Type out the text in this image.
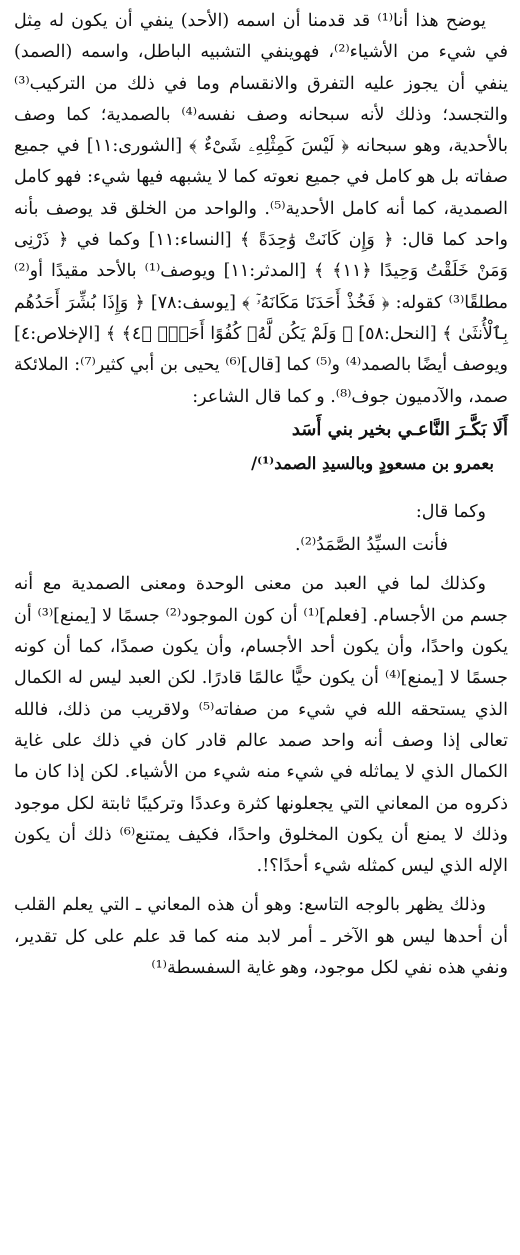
يوضح هذا أنا⁽¹⁾ قد قدمنا أن اسمه (الأحد) ينفي أن يكون له مِثل في شيء من الأشياء⁽²⁾، فهوينفي التشبيه الباطل، واسمه (الصمد) ينفي أن يجوز عليه التفرق والانقسام وما في ذلك من التركيب⁽³⁾ والتجسد؛ وذلك لأنه سبحانه وصف نفسه⁽⁴⁾ بالصمدية؛ كما وصف بالأحدية، وهو سبحانه ﴿ لَيْسَ كَمِثْلِهِۦ شَىْءٌ ﴾ [الشورى:١١] في جميع صفاته بل هو كامل في جميع نعوته كما لا يشبهه فيها شيء: فهو كامل الصمدية، كما أنه كامل الأحدية⁽⁵⁾. والواحد من الخلق قد يوصف بأنه واحد كما قال: ﴿ وَإِن كَانَتْ وَٰحِدَةً ﴾ [النساء:١١] وكما في ﴿ ذَرْنِى وَمَنْ خَلَقْتُ وَحِيدًا ﴿١١﴾ ﴾ [المدثر:١١] ويوصف⁽¹⁾ بالأحد مقيدًا أو⁽²⁾ مطلقًا⁽³⁾ كقوله: ﴿ فَخُذْ أَحَدَنَا مَكَانَهُۥٓ ﴾ [يوسف:٧٨] ﴿ وَإِذَا بُشِّرَ أَحَدُهُم بِٱلْأُنثَىٰ ﴾ [النحل:٥٨] ﴿ وَلَمْ يَكُن لَّهُۥ كُفُوًا أَحَدٌۢ ﴿٤﴾ ﴾ [الإخلاص:٤] ويوصف أيضًا بالصمد⁽⁴⁾ و⁽⁵⁾ كما [قال]⁽⁶⁾ يحيى بن أبي كثير⁽⁷⁾: الملائكة صمد، والآدميون جوف⁽⁸⁾. و كما قال الشاعر:

أَلَا بَكَّـرَ النَّاعـي بخير بني أَسَد

بعمرو بن مسعودٍ وبالسيدِ الصمد⁽¹⁾/

وكما قال:

فأنت السيِّدُ الصَّمَدُ⁽²⁾.

وكذلك لما في العبد من معنى الوحدة ومعنى الصمدية مع أنه جسم من الأجسام. [فعلم]⁽¹⁾ أن كون الموجود⁽²⁾ جسمًا لا [يمنع]⁽³⁾ أن يكون واحدًا، وأن يكون أحد الأجسام، وأن يكون صمدًا، كما أن كونه جسمًا لا [يمنع]⁽⁴⁾ أن يكون حيًّا عالمًا قادرًا. لكن العبد ليس له الكمال الذي يستحقه الله في شيء من صفاته⁽⁵⁾ ولاقريب من ذلك، فالله تعالى إذا وصف أنه واحد صمد عالم قادر كان في ذلك على غاية الكمال الذي لا يماثله في شيء منه شيء من الأشياء. لكن إذا كان ما ذكروه من المعاني التي يجعلونها كثرة وعددًا وتركيبًا ثابتة لكل موجود وذلك لا يمنع أن يكون المخلوق واحدًا، فكيف يمتنع⁽⁶⁾ ذلك أن يكون الإله الذي ليس كمثله شيء أحدًا؟!.

وذلك يظهر بالوجه التاسع: وهو أن هذه المعاني ـ التي يعلم القلب أن أحدها ليس هو الآخر ـ أمر لابد منه كما قد علم على كل تقدير، ونفي هذه نفي لكل موجود، وهو غاية السفسطة⁽¹⁾
